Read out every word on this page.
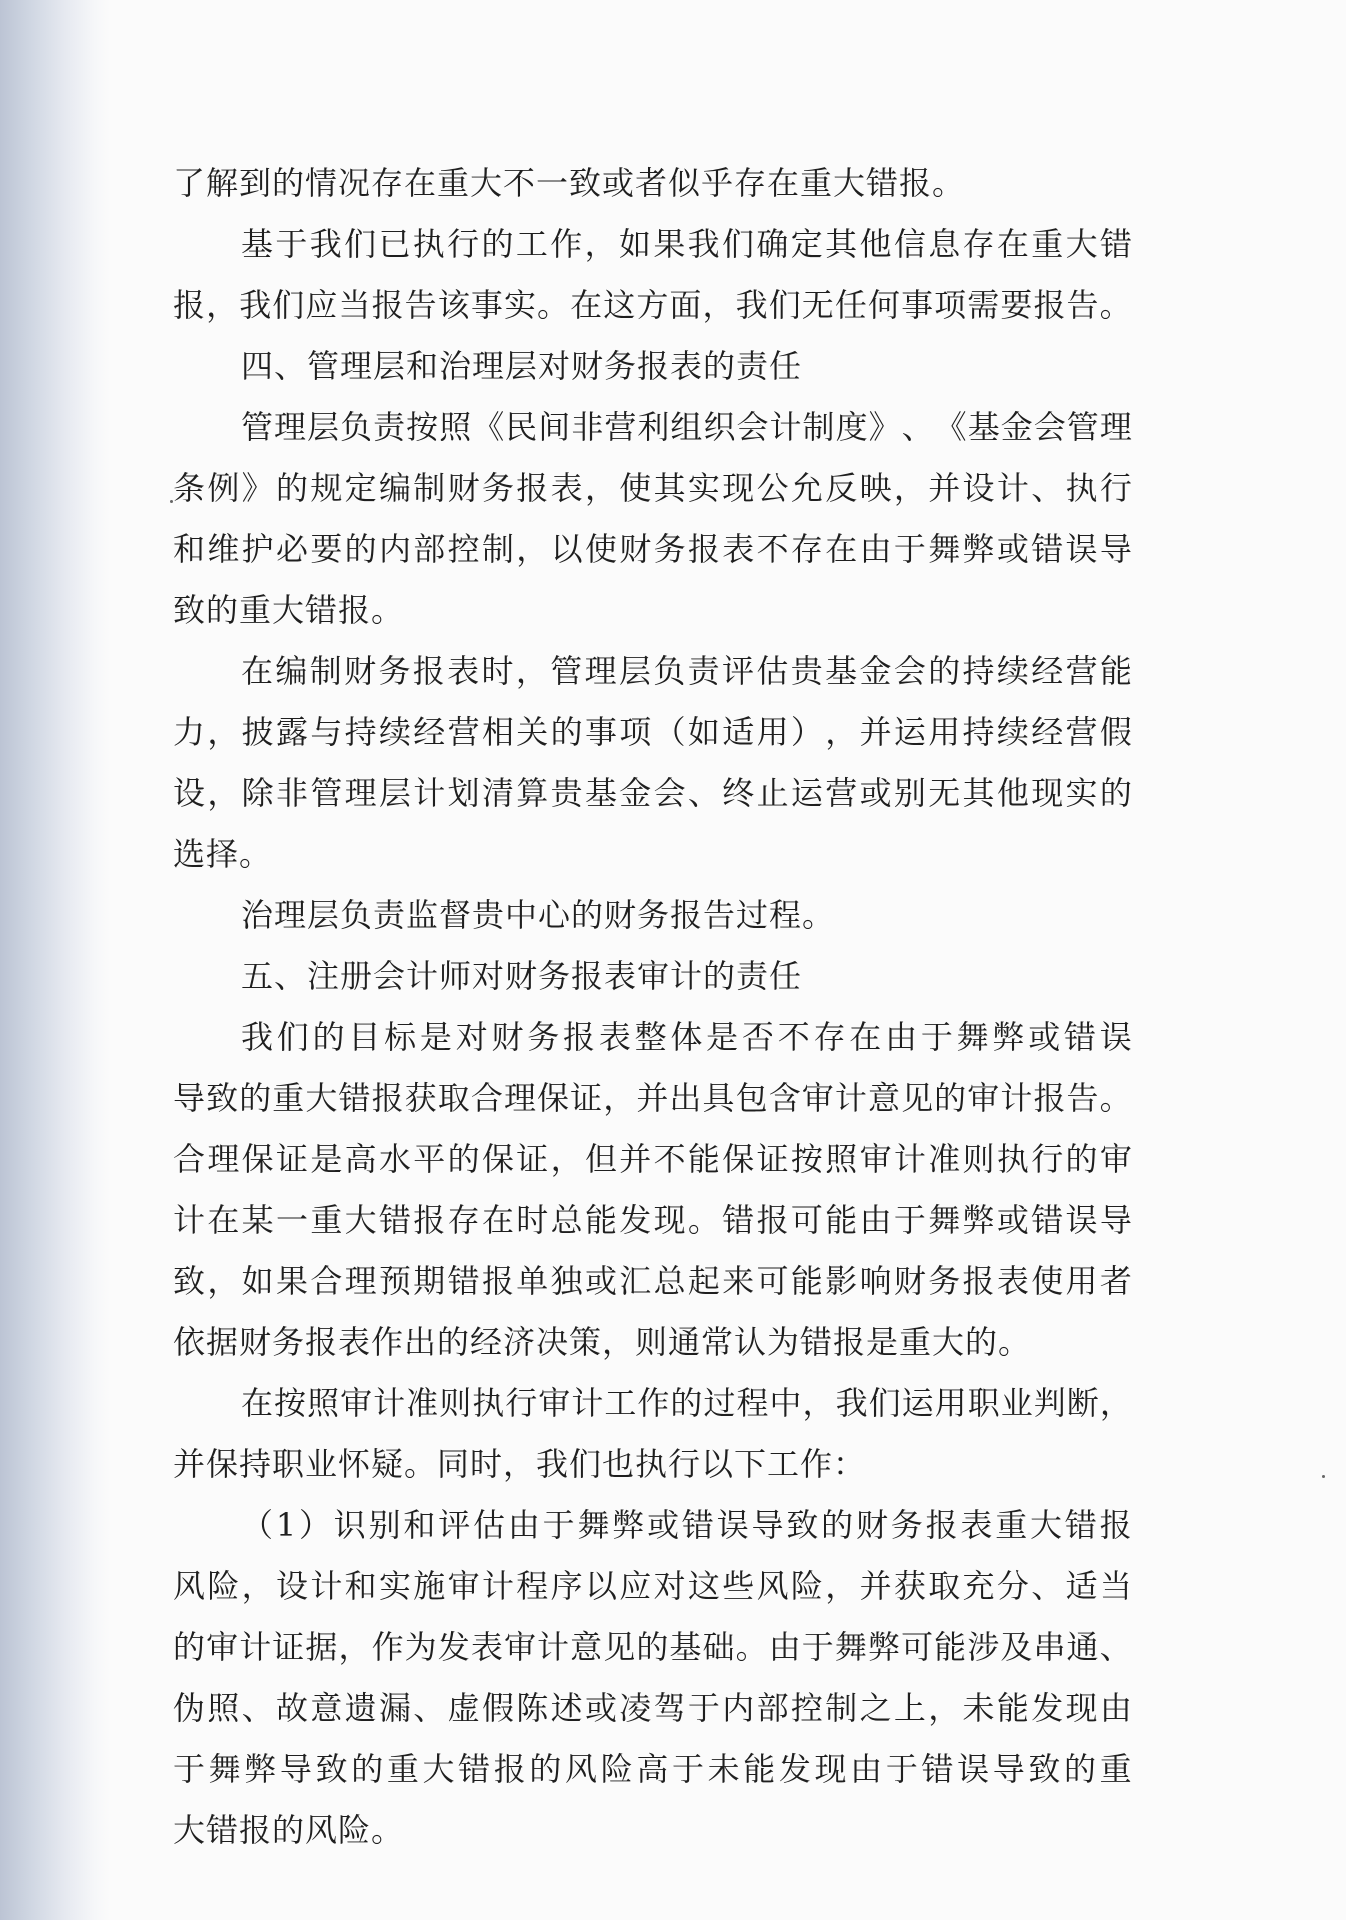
了解到的情况存在重大不一致或者似乎存在重大错报。

基 于 我 们 已 执 行 的 工 作 ， 如 果 我 们 确 定 其 他 信 息 存 在 重 大 错

报 ， 我 们 应 当 报 告 该 事 实 。 在 这 方 面 ， 我 们 无 任 何 事 项 需 要 报 告 。

四、管理层和治理层对财务报表的责任

管 理 层 负 责 按 照 《 民 间 非 营 利 组 织 会 计 制 度 》 、 《 基 金 会 管 理

条 例 》 的 规 定 编 制 财 务 报 表 ， 使 其 实 现 公 允 反 映 ， 并 设 计 、 执 行

和 维 护 必 要 的 内 部 控 制 ， 以 使 财 务 报 表 不 存 在 由 于 舞 弊 或 错 误 导

致的重大错报。

在 编 制 财 务 报 表 时 ， 管 理 层 负 责 评 估 贵 基 金 会 的 持 续 经 营 能

力 ， 披 露 与 持 续 经 营 相 关 的 事 项 （ 如 适 用 ） ， 并 运 用 持 续 经 营 假

设 ， 除 非 管 理 层 计 划 清 算 贵 基 金 会 、 终 止 运 营 或 别 无 其 他 现 实 的

选择。

治理层负责监督贵中心的财务报告过程。

五、注册会计师对财务报表审计的责任

我 们 的 目 标 是 对 财 务 报 表 整 体 是 否 不 存 在 由 于 舞 弊 或 错 误

导 致 的 重 大 错 报 获 取 合 理 保 证 ， 并 出 具 包 含 审 计 意 见 的 审 计 报 告 。

合 理 保 证 是 高 水 平 的 保 证 ， 但 并 不 能 保 证 按 照 审 计 准 则 执 行 的 审

计 在 某 一 重 大 错 报 存 在 时 总 能 发 现 。 错 报 可 能 由 于 舞 弊 或 错 误 导

致 ， 如 果 合 理 预 期 错 报 单 独 或 汇 总 起 来 可 能 影 响 财 务 报 表 使 用 者

依据财务报表作出的经济决策，则通常认为错报是重大的。

在 按 照 审 计 准 则 执 行 审 计 工 作 的 过 程 中 ， 我 们 运 用 职 业 判 断 ，

并保持职业怀疑。同时，我们也执行以下工作：

（ 1 ） 识 别 和 评 估 由 于 舞 弊 或 错 误 导 致 的 财 务 报 表 重 大 错 报

风 险 ， 设 计 和 实 施 审 计 程 序 以 应 对 这 些 风 险 ， 并 获 取 充 分 、 适 当

的 审 计 证 据 ， 作 为 发 表 审 计 意 见 的 基 础 。 由 于 舞 弊 可 能 涉 及 串 通 、

伪 照 、 故 意 遗 漏 、 虚 假 陈 述 或 凌 驾 于 内 部 控 制 之 上 ， 未 能 发 现 由

于 舞 弊 导 致 的 重 大 错 报 的 风 险 高 于 未 能 发 现 由 于 错 误 导 致 的 重

大错报的风险。
